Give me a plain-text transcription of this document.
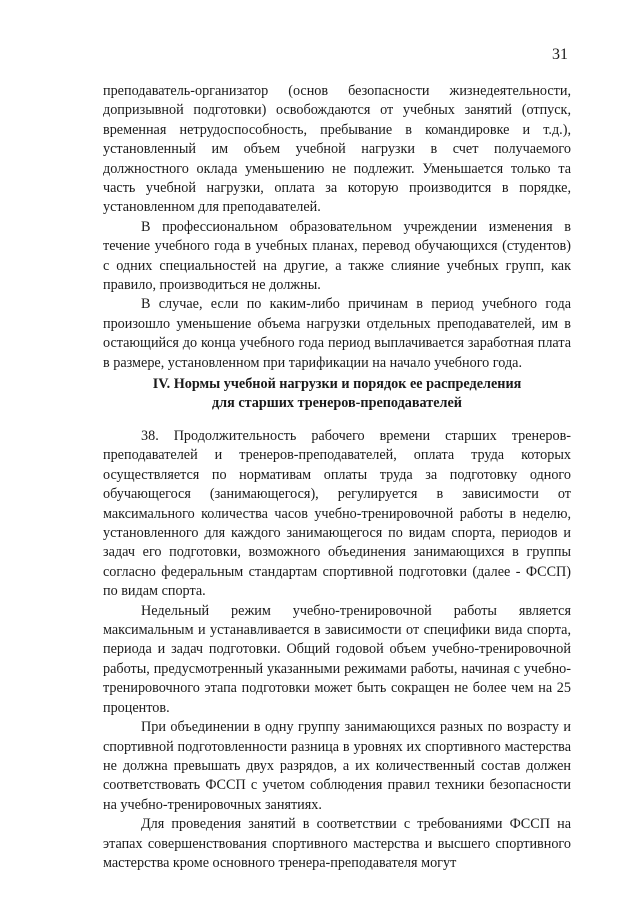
31

преподаватель-организатор (основ безопасности жизнедеятельности, допризывной подготовки) освобождаются от учебных занятий (отпуск, временная нетрудоспособность, пребывание в командировке и т.д.), установленный им объем учебной нагрузки в счет получаемого должностного оклада уменьшению не подлежит. Уменьшается только та часть учебной нагрузки, оплата за которую производится в порядке, установленном для преподавателей.

В профессиональном образовательном учреждении изменения в течение учебного года в учебных планах, перевод обучающихся (студентов) с одних специальностей на другие, а также слияние учебных групп, как правило, производиться не должны.

В случае, если по каким-либо причинам в период учебного года произошло уменьшение объема нагрузки отдельных преподавателей, им в остающийся до конца учебного года период выплачивается заработная плата в размере, установленном при тарификации на начало учебного года.

IV. Нормы учебной нагрузки и порядок ее распределения
для старших тренеров-преподавателей

38. Продолжительность рабочего времени старших тренеров-преподавателей и тренеров-преподавателей, оплата труда которых осуществляется по нормативам оплаты труда за подготовку одного обучающегося (занимающегося), регулируется в зависимости от максимального количества часов учебно-тренировочной работы в неделю, установленного для каждого занимающегося по видам спорта, периодов и задач его подготовки, возможного объединения занимающихся в группы согласно федеральным стандартам спортивной подготовки (далее - ФССП) по видам спорта.

Недельный режим учебно-тренировочной работы является максимальным и устанавливается в зависимости от специфики вида спорта, периода и задач подготовки. Общий годовой объем учебно-тренировочной работы, предусмотренный указанными режимами работы, начиная с учебно-тренировочного этапа подготовки может быть сокращен не более чем на 25 процентов.

При объединении в одну группу занимающихся разных по возрасту и спортивной подготовленности разница в уровнях их спортивного мастерства не должна превышать двух разрядов, а их количественный состав должен соответствовать ФССП с учетом соблюдения правил техники безопасности на учебно-тренировочных занятиях.

Для проведения занятий в соответствии с требованиями ФССП на этапах совершенствования спортивного мастерства и высшего спортивного мастерства кроме основного тренера-преподавателя могут
